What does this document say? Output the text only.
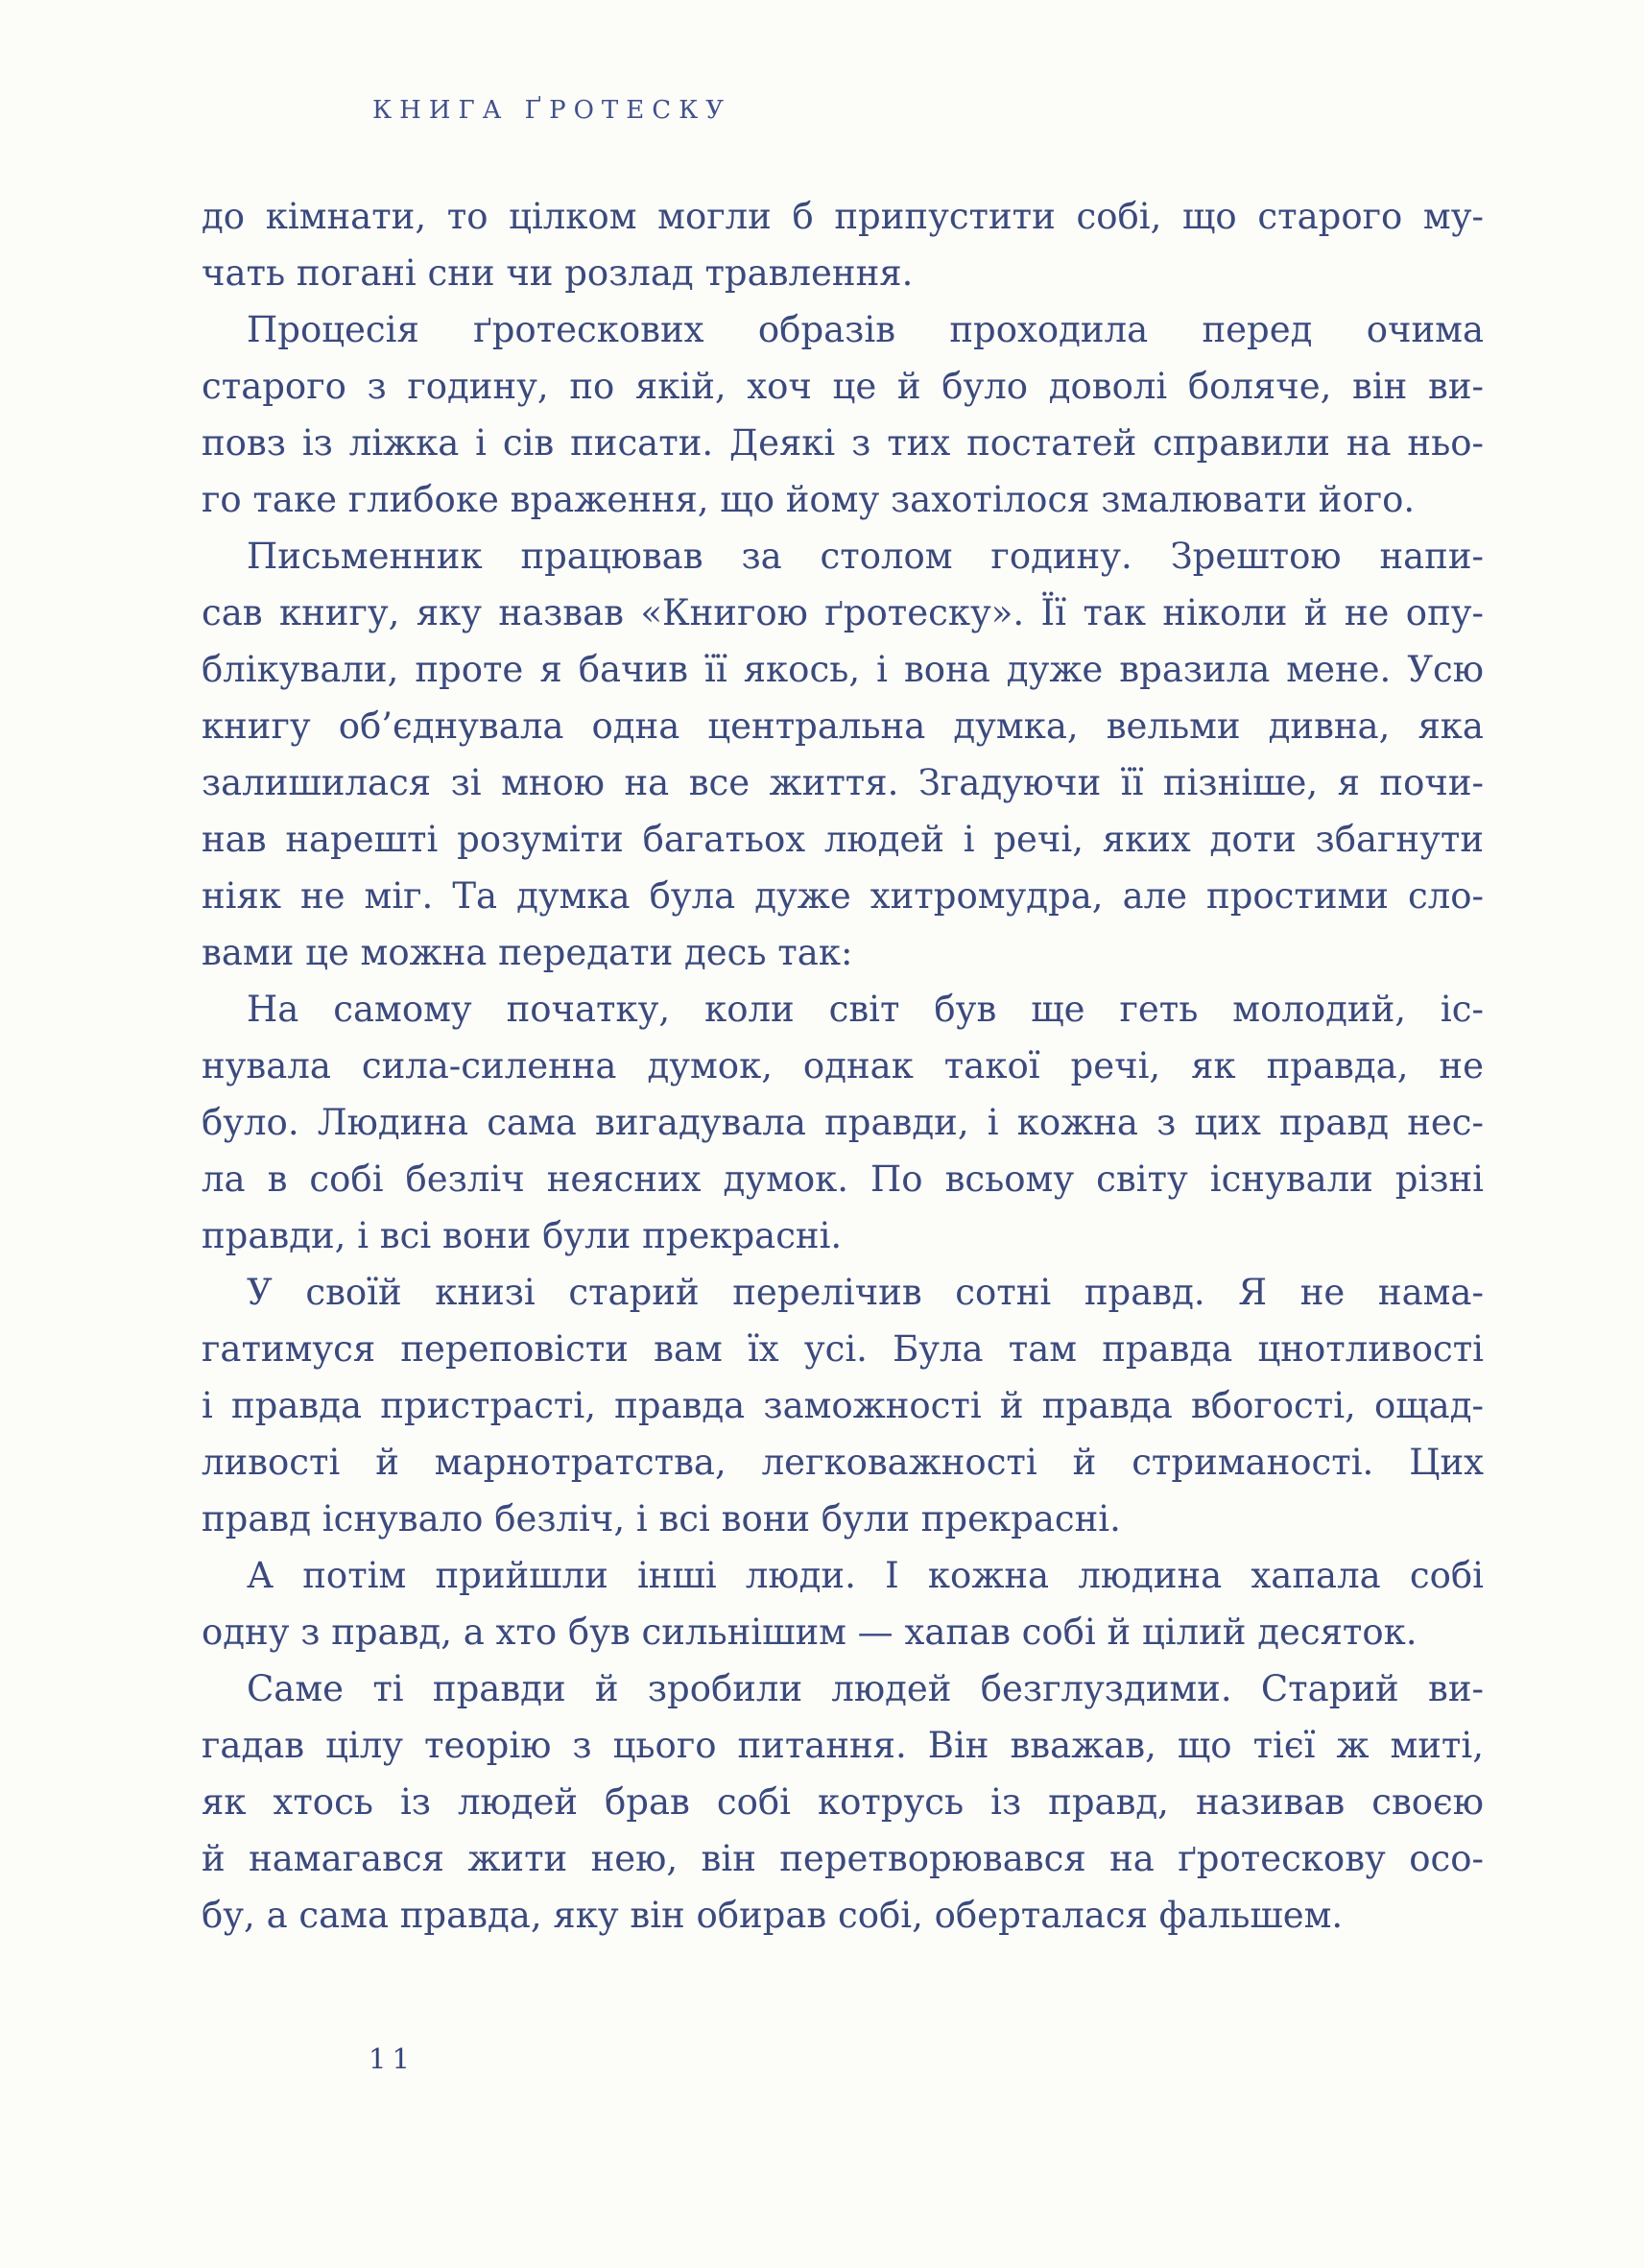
КНИГА ҐРОТЕСКУ
до кімнати, то цілком могли б припустити собі, що старого му-
чать погані сни чи розлад травлення.
Процесія ґротескових образів проходила перед очима
старого з годину, по якій, хоч це й було доволі боляче, він ви-
повз із ліжка і сів писати. Деякі з тих постатей справили на ньо-
го таке глибоке враження, що йому захотілося змалювати його.
Письменник працював за столом годину. Зрештою напи-
сав книгу, яку назвав «Книгою ґротеску». Її так ніколи й не опу-
блікували, проте я бачив її якось, і вона дуже вразила мене. Усю
книгу об’єднувала одна центральна думка, вельми дивна, яка
залишилася зі мною на все життя. Згадуючи її пізніше, я почи-
нав нарешті розуміти багатьох людей і речі, яких доти збагнути
ніяк не міг. Та думка була дуже хитромудра, але простими сло-
вами це можна передати десь так:
На самому початку, коли світ був ще геть молодий, іс-
нувала сила-силенна думок, однак такої речі, як правда, не
було. Людина сама вигадувала правди, і кожна з цих правд нес-
ла в собі безліч неясних думок. По всьому світу існували різні
правди, і всі вони були прекрасні.
У своїй книзі старий перелічив сотні правд. Я не нама-
гатимуся переповісти вам їх усі. Була там правда цнотливості
і правда пристрасті, правда заможності й правда вбогості, ощад-
ливості й марнотратства, легковажності й стриманості. Цих
правд існувало безліч, і всі вони були прекрасні.
А потім прийшли інші люди. І кожна людина хапала собі
одну з правд, а хто був сильнішим — хапав собі й цілий десяток.
Саме ті правди й зробили людей безглуздими. Старий ви-
гадав цілу теорію з цього питання. Він вважав, що тієї ж миті,
як хтось із людей брав собі котрусь із правд, називав своєю
й намагався жити нею, він перетворювався на ґротескову осо-
бу, а сама правда, яку він обирав собі, оберталася фальшем.
11
